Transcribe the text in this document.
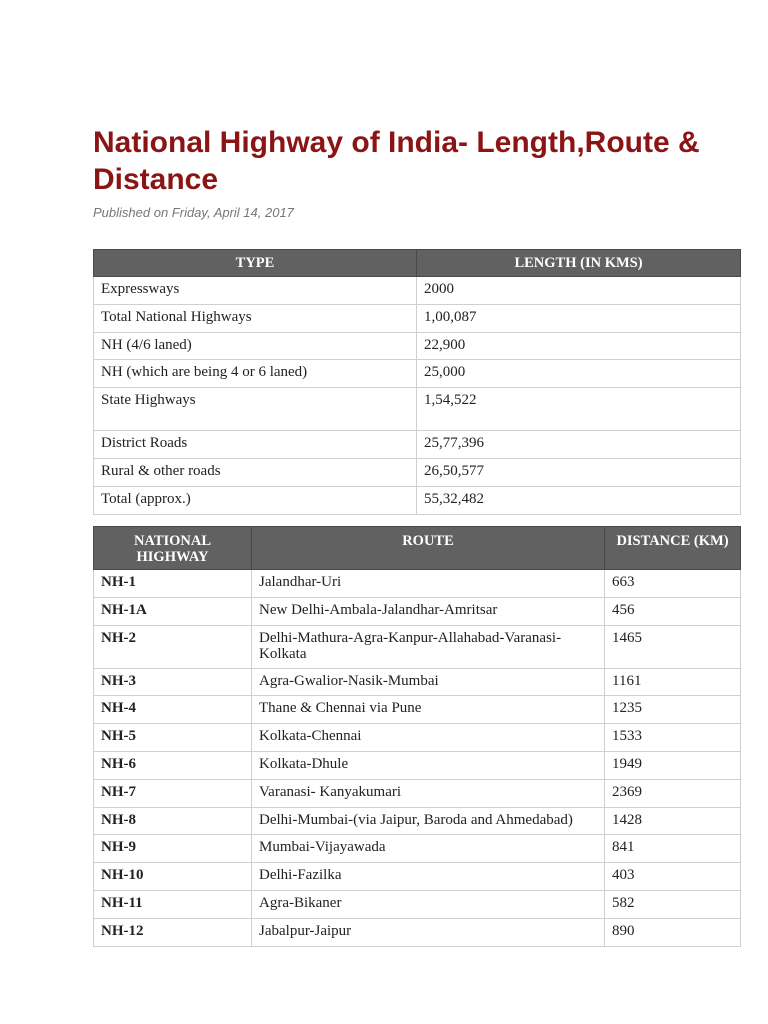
National Highway of India- Length,Route & Distance
Published on Friday, April 14, 2017
TYPE	LENGTH (IN KMS)
Expressways	2000
Total National Highways	1,00,087
NH (4/6 laned)	22,900
NH (which are being 4 or 6 laned)	25,000
State Highways	1,54,522
District Roads	25,77,396
Rural & other roads	26,50,577
Total (approx.)	55,32,482
NATIONAL HIGHWAY	ROUTE	DISTANCE (KM)
NH-1	Jalandhar-Uri	663
NH-1A	New Delhi-Ambala-Jalandhar-Amritsar	456
NH-2	Delhi-Mathura-Agra-Kanpur-Allahabad-Varanasi-Kolkata	1465
NH-3	Agra-Gwalior-Nasik-Mumbai	1161
NH-4	Thane & Chennai via Pune	1235
NH-5	Kolkata-Chennai	1533
NH-6	Kolkata-Dhule	1949
NH-7	Varanasi- Kanyakumari	2369
NH-8	Delhi-Mumbai-(via Jaipur, Baroda and Ahmedabad)	1428
NH-9	Mumbai-Vijayawada	841
NH-10	Delhi-Fazilka	403
NH-11	Agra-Bikaner	582
NH-12	Jabalpur-Jaipur	890
